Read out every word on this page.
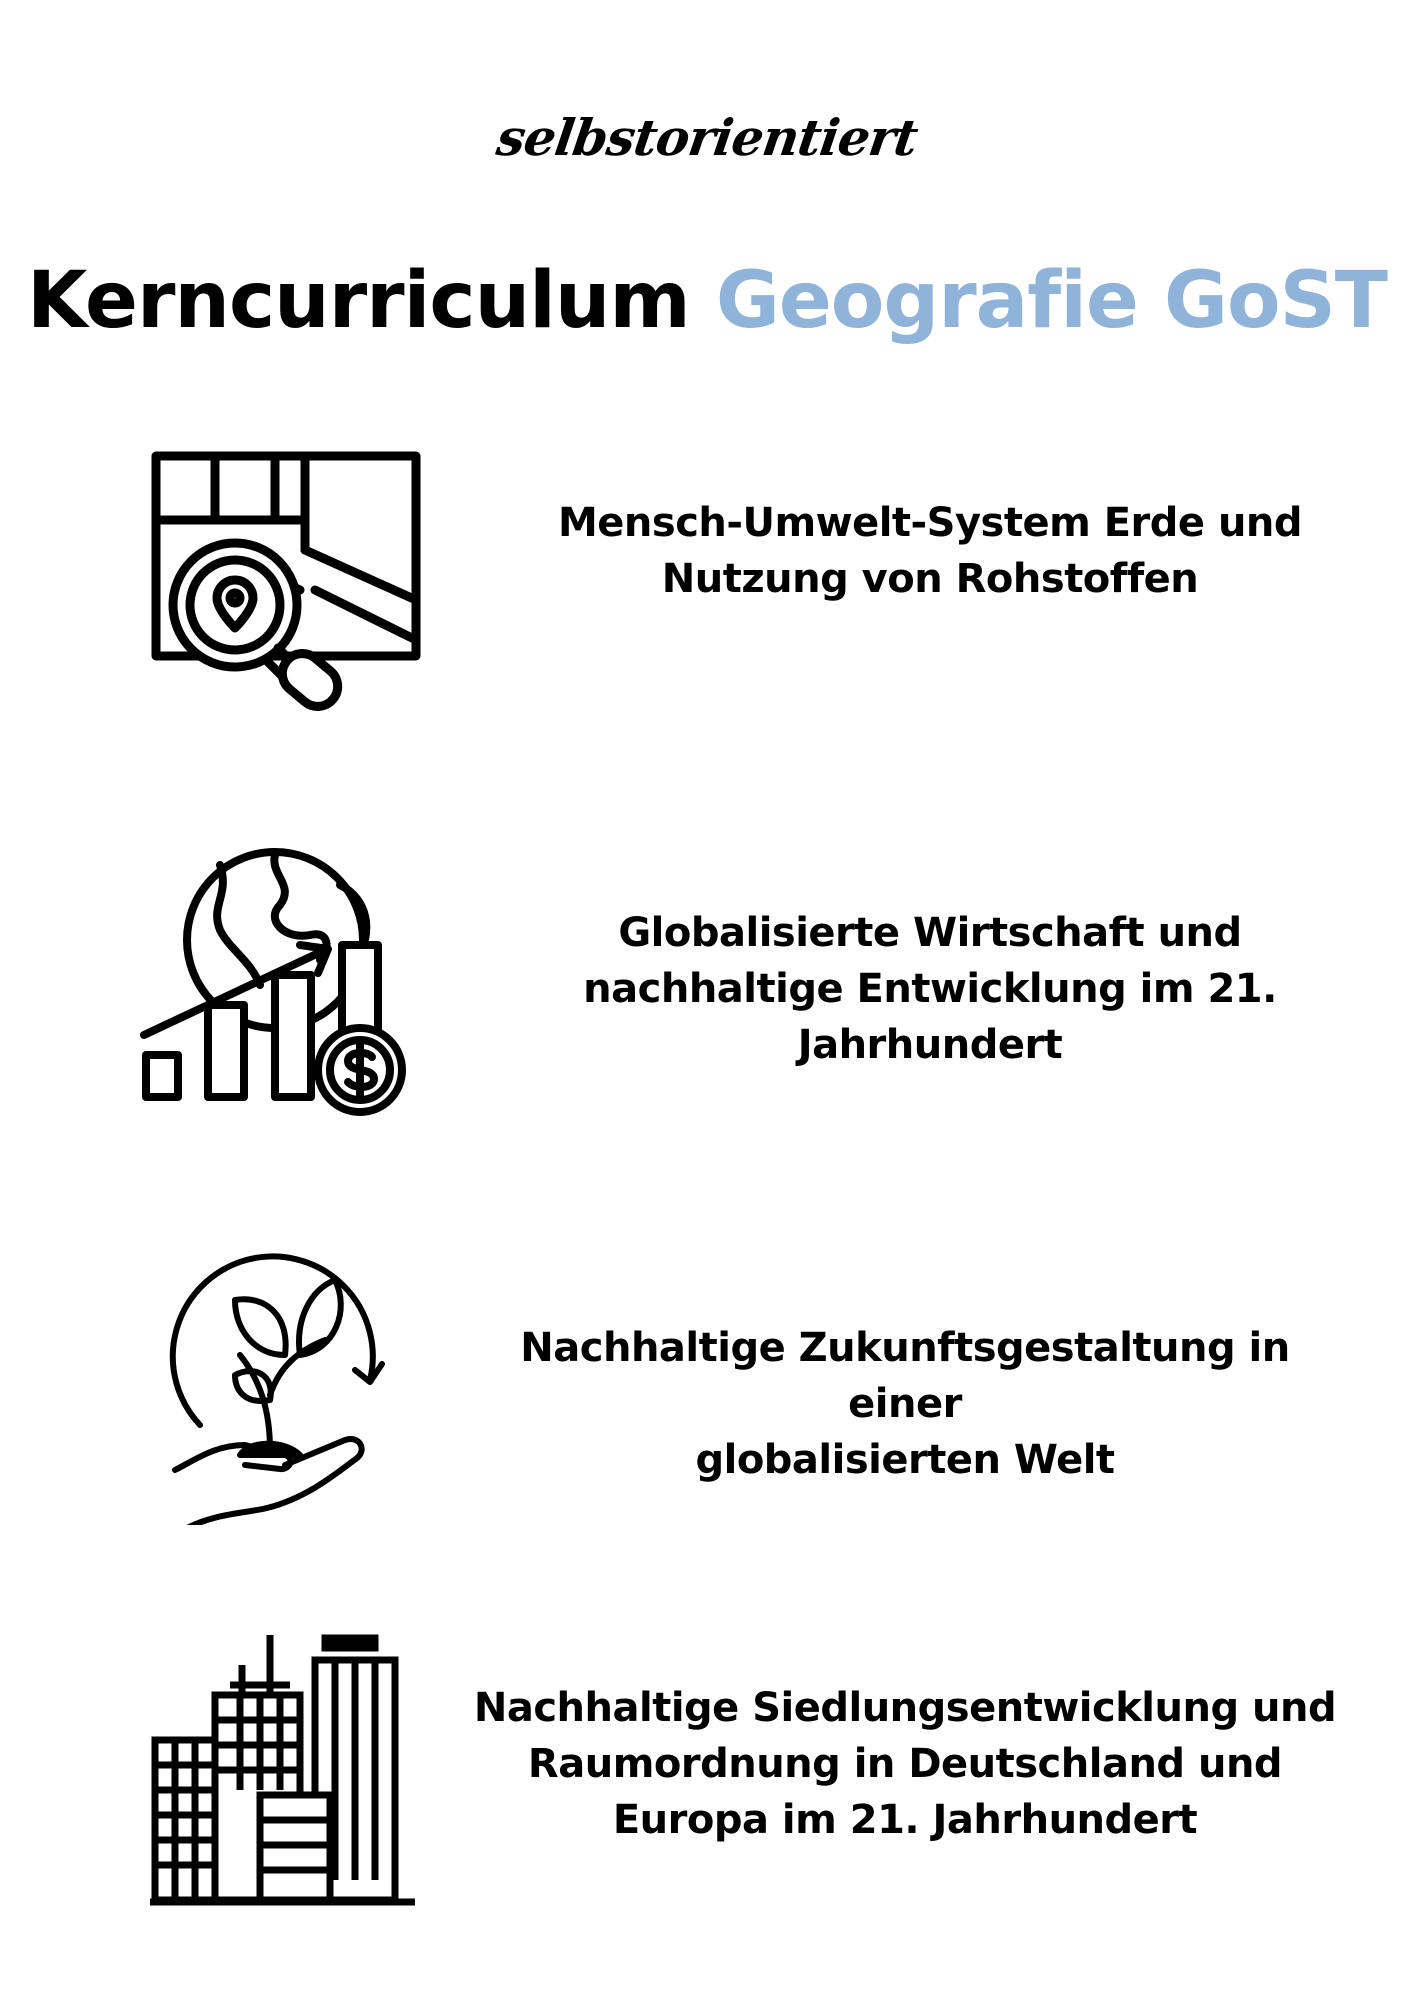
selbstorientiert
Kerncurriculum Geografie GoST
Mensch-Umwelt-System Erde und
Nutzung von Rohstoffen
Globalisierte Wirtschaft und
nachhaltige Entwicklung im 21.
Jahrhundert
Nachhaltige Zukunftsgestaltung in einer
globalisierten Welt
Nachhaltige Siedlungsentwicklung und
Raumordnung in Deutschland und
Europa im 21. Jahrhundert
